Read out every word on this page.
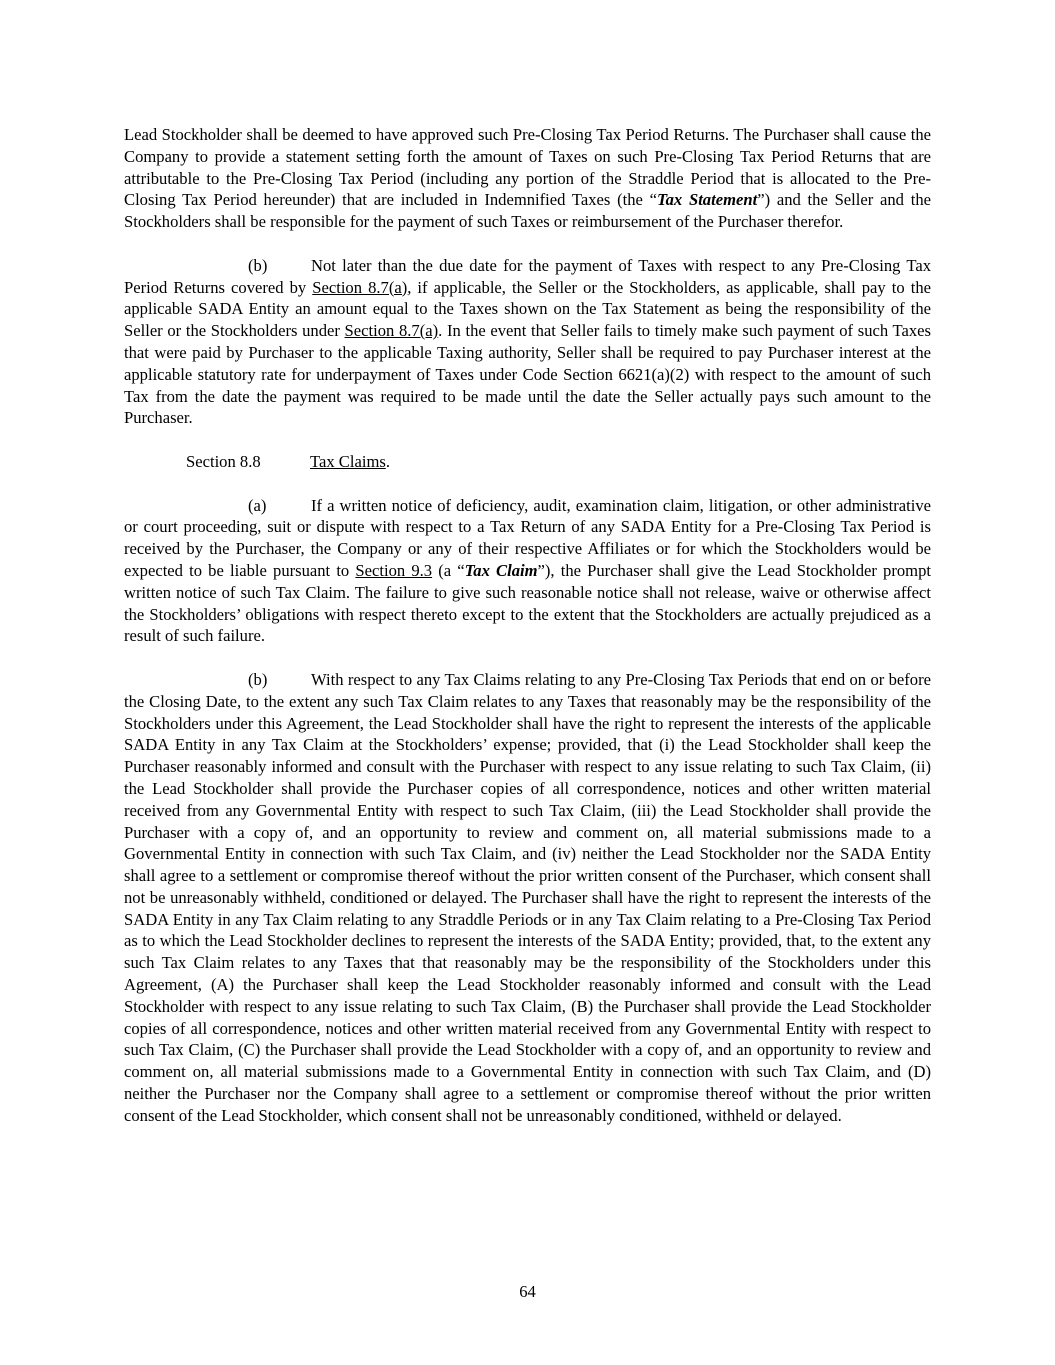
Lead Stockholder shall be deemed to have approved such Pre-Closing Tax Period Returns. The Purchaser shall cause the Company to provide a statement setting forth the amount of Taxes on such Pre-Closing Tax Period Returns that are attributable to the Pre-Closing Tax Period (including any portion of the Straddle Period that is allocated to the Pre-Closing Tax Period hereunder) that are included in Indemnified Taxes (the “Tax Statement”) and the Seller and the Stockholders shall be responsible for the payment of such Taxes or reimbursement of the Purchaser therefor.

(b)	Not later than the due date for the payment of Taxes with respect to any Pre-Closing Tax Period Returns covered by Section 8.7(a), if applicable, the Seller or the Stockholders, as applicable, shall pay to the applicable SADA Entity an amount equal to the Taxes shown on the Tax Statement as being the responsibility of the Seller or the Stockholders under Section 8.7(a). In the event that Seller fails to timely make such payment of such Taxes that were paid by Purchaser to the applicable Taxing authority, Seller shall be required to pay Purchaser interest at the applicable statutory rate for underpayment of Taxes under Code Section 6621(a)(2) with respect to the amount of such Tax from the date the payment was required to be made until the date the Seller actually pays such amount to the Purchaser.

Section 8.8	Tax Claims.

(a)	If a written notice of deficiency, audit, examination claim, litigation, or other administrative or court proceeding, suit or dispute with respect to a Tax Return of any SADA Entity for a Pre-Closing Tax Period is received by the Purchaser, the Company or any of their respective Affiliates or for which the Stockholders would be expected to be liable pursuant to Section 9.3 (a “Tax Claim”), the Purchaser shall give the Lead Stockholder prompt written notice of such Tax Claim. The failure to give such reasonable notice shall not release, waive or otherwise affect the Stockholders’ obligations with respect thereto except to the extent that the Stockholders are actually prejudiced as a result of such failure.

(b)	With respect to any Tax Claims relating to any Pre-Closing Tax Periods that end on or before the Closing Date, to the extent any such Tax Claim relates to any Taxes that reasonably may be the responsibility of the Stockholders under this Agreement, the Lead Stockholder shall have the right to represent the interests of the applicable SADA Entity in any Tax Claim at the Stockholders’ expense; provided, that (i) the Lead Stockholder shall keep the Purchaser reasonably informed and consult with the Purchaser with respect to any issue relating to such Tax Claim, (ii) the Lead Stockholder shall provide the Purchaser copies of all correspondence, notices and other written material received from any Governmental Entity with respect to such Tax Claim, (iii) the Lead Stockholder shall provide the Purchaser with a copy of, and an opportunity to review and comment on, all material submissions made to a Governmental Entity in connection with such Tax Claim, and (iv) neither the Lead Stockholder nor the SADA Entity shall agree to a settlement or compromise thereof without the prior written consent of the Purchaser, which consent shall not be unreasonably withheld, conditioned or delayed. The Purchaser shall have the right to represent the interests of the SADA Entity in any Tax Claim relating to any Straddle Periods or in any Tax Claim relating to a Pre-Closing Tax Period as to which the Lead Stockholder declines to represent the interests of the SADA Entity; provided, that, to the extent any such Tax Claim relates to any Taxes that that reasonably may be the responsibility of the Stockholders under this Agreement, (A) the Purchaser shall keep the Lead Stockholder reasonably informed and consult with the Lead Stockholder with respect to any issue relating to such Tax Claim, (B) the Purchaser shall provide the Lead Stockholder copies of all correspondence, notices and other written material received from any Governmental Entity with respect to such Tax Claim, (C) the Purchaser shall provide the Lead Stockholder with a copy of, and an opportunity to review and comment on, all material submissions made to a Governmental Entity in connection with such Tax Claim, and (D) neither the Purchaser nor the Company shall agree to a settlement or compromise thereof without the prior written consent of the Lead Stockholder, which consent shall not be unreasonably conditioned, withheld or delayed.

64
